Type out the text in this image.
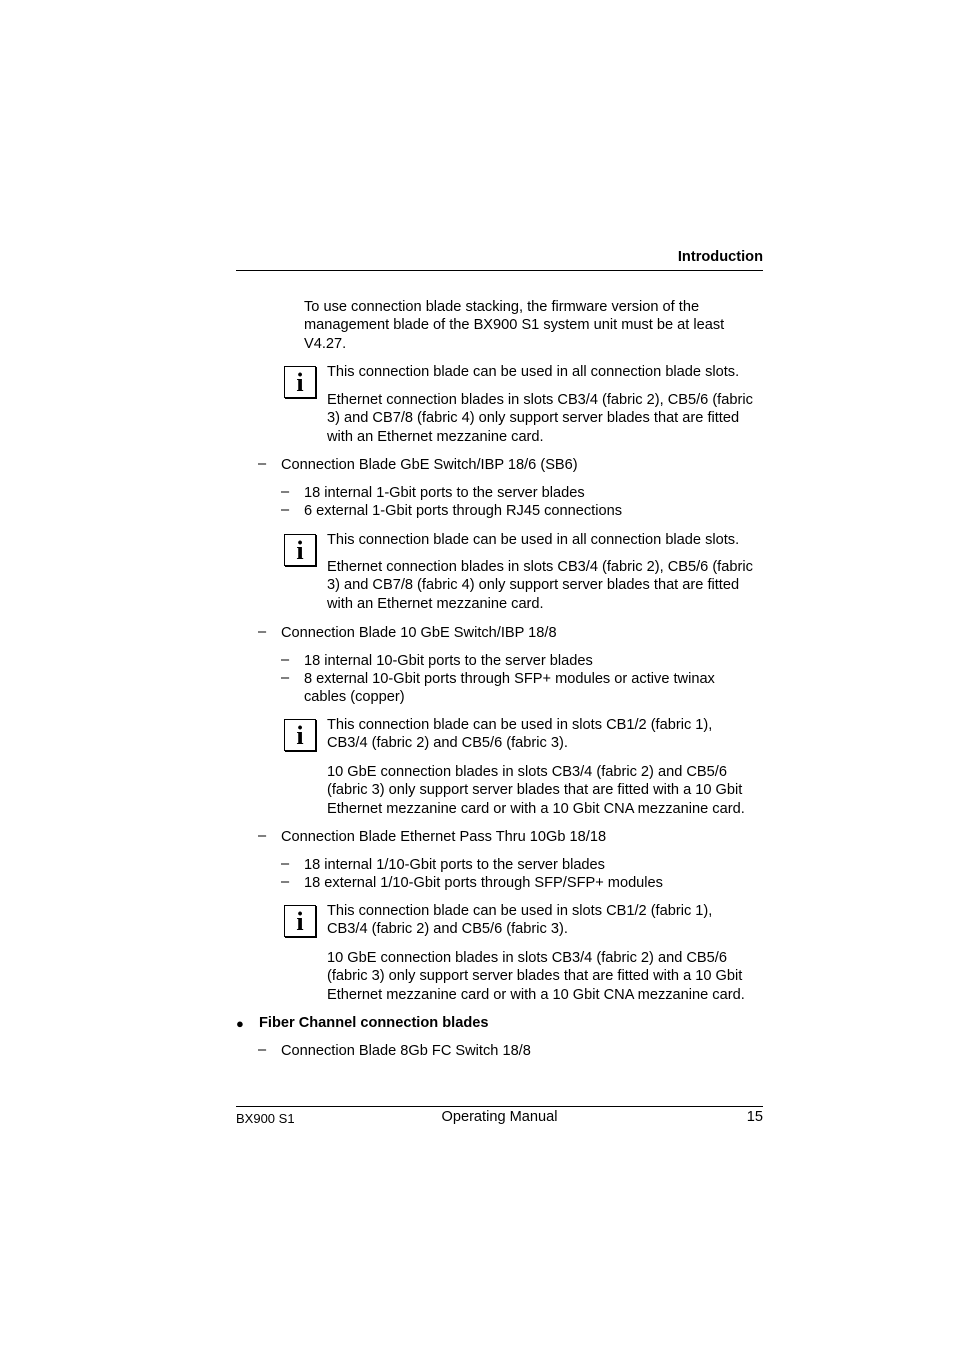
Introduction
To use connection blade stacking, the firmware version of the
management blade of the BX900 S1 system unit must be at least
V4.27.
i	This connection blade can be used in all connection blade slots.
Ethernet connection blades in slots CB3/4 (fabric 2), CB5/6 (fabric
3) and CB7/8 (fabric 4) only support server blades that are fitted
with an Ethernet mezzanine card.
– Connection Blade GbE Switch/IBP 18/6 (SB6)
– 18 internal 1-Gbit ports to the server blades
– 6 external 1-Gbit ports through RJ45 connections
i	This connection blade can be used in all connection blade slots.
Ethernet connection blades in slots CB3/4 (fabric 2), CB5/6 (fabric
3) and CB7/8 (fabric 4) only support server blades that are fitted
with an Ethernet mezzanine card.
– Connection Blade 10 GbE Switch/IBP 18/8
– 18 internal 10-Gbit ports to the server blades
– 8 external 10-Gbit ports through SFP+ modules or active twinax
cables (copper)
i	This connection blade can be used in slots CB1/2 (fabric 1),
CB3/4 (fabric 2) and CB5/6 (fabric 3).
10 GbE connection blades in slots CB3/4 (fabric 2) and CB5/6
(fabric 3) only support server blades that are fitted with a 10 Gbit
Ethernet mezzanine card or with a 10 Gbit CNA mezzanine card.
– Connection Blade Ethernet Pass Thru 10Gb 18/18
– 18 internal 1/10-Gbit ports to the server blades
– 18 external 1/10-Gbit ports through SFP/SFP+ modules
i	This connection blade can be used in slots CB1/2 (fabric 1),
CB3/4 (fabric 2) and CB5/6 (fabric 3).
10 GbE connection blades in slots CB3/4 (fabric 2) and CB5/6
(fabric 3) only support server blades that are fitted with a 10 Gbit
Ethernet mezzanine card or with a 10 Gbit CNA mezzanine card.
● Fiber Channel connection blades
– Connection Blade 8Gb FC Switch 18/8
BX900 S1	Operating Manual	15
